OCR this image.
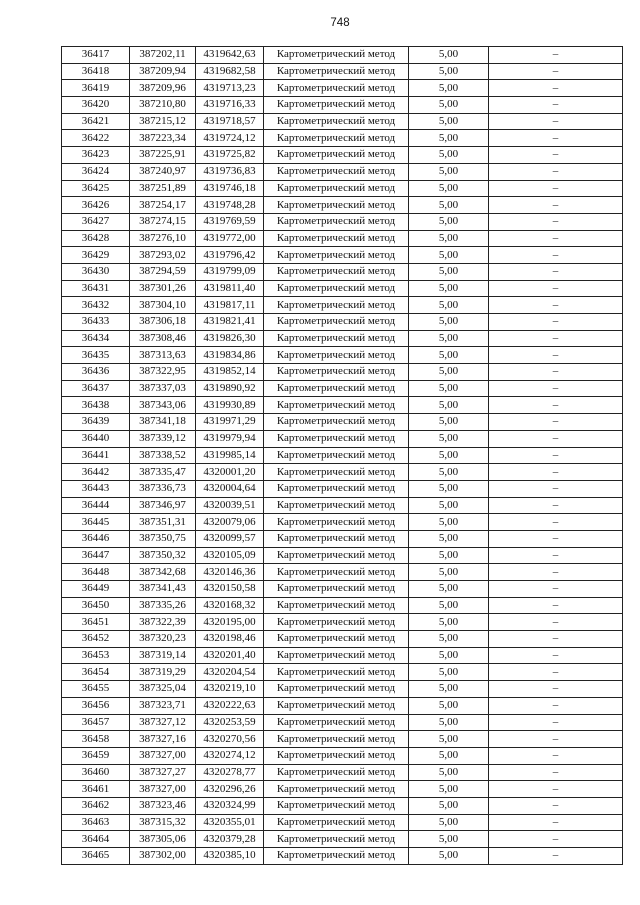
748
36417	387202,11	4319642,63	Картометрический метод	5,00	–
36418	387209,94	4319682,58	Картометрический метод	5,00	–
36419	387209,96	4319713,23	Картометрический метод	5,00	–
36420	387210,80	4319716,33	Картометрический метод	5,00	–
36421	387215,12	4319718,57	Картометрический метод	5,00	–
36422	387223,34	4319724,12	Картометрический метод	5,00	–
36423	387225,91	4319725,82	Картометрический метод	5,00	–
36424	387240,97	4319736,83	Картометрический метод	5,00	–
36425	387251,89	4319746,18	Картометрический метод	5,00	–
36426	387254,17	4319748,28	Картометрический метод	5,00	–
36427	387274,15	4319769,59	Картометрический метод	5,00	–
36428	387276,10	4319772,00	Картометрический метод	5,00	–
36429	387293,02	4319796,42	Картометрический метод	5,00	–
36430	387294,59	4319799,09	Картометрический метод	5,00	–
36431	387301,26	4319811,40	Картометрический метод	5,00	–
36432	387304,10	4319817,11	Картометрический метод	5,00	–
36433	387306,18	4319821,41	Картометрический метод	5,00	–
36434	387308,46	4319826,30	Картометрический метод	5,00	–
36435	387313,63	4319834,86	Картометрический метод	5,00	–
36436	387322,95	4319852,14	Картометрический метод	5,00	–
36437	387337,03	4319890,92	Картометрический метод	5,00	–
36438	387343,06	4319930,89	Картометрический метод	5,00	–
36439	387341,18	4319971,29	Картометрический метод	5,00	–
36440	387339,12	4319979,94	Картометрический метод	5,00	–
36441	387338,52	4319985,14	Картометрический метод	5,00	–
36442	387335,47	4320001,20	Картометрический метод	5,00	–
36443	387336,73	4320004,64	Картометрический метод	5,00	–
36444	387346,97	4320039,51	Картометрический метод	5,00	–
36445	387351,31	4320079,06	Картометрический метод	5,00	–
36446	387350,75	4320099,57	Картометрический метод	5,00	–
36447	387350,32	4320105,09	Картометрический метод	5,00	–
36448	387342,68	4320146,36	Картометрический метод	5,00	–
36449	387341,43	4320150,58	Картометрический метод	5,00	–
36450	387335,26	4320168,32	Картометрический метод	5,00	–
36451	387322,39	4320195,00	Картометрический метод	5,00	–
36452	387320,23	4320198,46	Картометрический метод	5,00	–
36453	387319,14	4320201,40	Картометрический метод	5,00	–
36454	387319,29	4320204,54	Картометрический метод	5,00	–
36455	387325,04	4320219,10	Картометрический метод	5,00	–
36456	387323,71	4320222,63	Картометрический метод	5,00	–
36457	387327,12	4320253,59	Картометрический метод	5,00	–
36458	387327,16	4320270,56	Картометрический метод	5,00	–
36459	387327,00	4320274,12	Картометрический метод	5,00	–
36460	387327,27	4320278,77	Картометрический метод	5,00	–
36461	387327,00	4320296,26	Картометрический метод	5,00	–
36462	387323,46	4320324,99	Картометрический метод	5,00	–
36463	387315,32	4320355,01	Картометрический метод	5,00	–
36464	387305,06	4320379,28	Картометрический метод	5,00	–
36465	387302,00	4320385,10	Картометрический метод	5,00	–
